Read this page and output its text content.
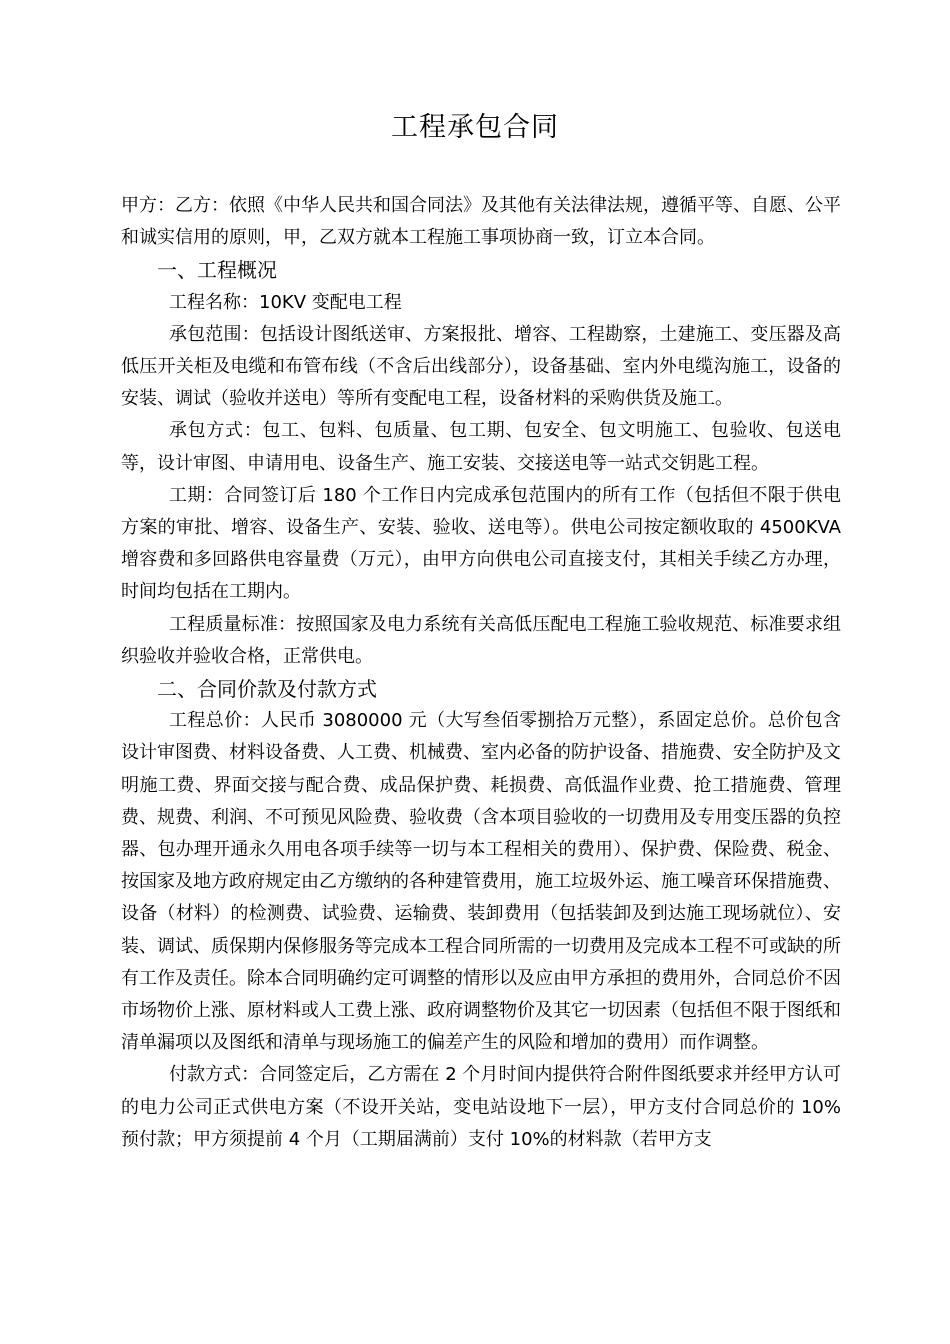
工程承包合同

甲方：乙方：依照《中华人民共和国合同法》及其他有关法律法规，遵循平等、自愿、公平和诚实信用的原则，甲，乙双方就本工程施工事项协商一致，订立本合同。

一、工程概况

工程名称：10KV 变配电工程

承包范围：包括设计图纸送审、方案报批、增容、工程勘察，土建施工、变压器及高低压开关柜及电缆和布管布线（不含后出线部分），设备基础、室内外电缆沟施工，设备的安装、调试（验收并送电）等所有变配电工程，设备材料的采购供货及施工。

承包方式：包工、包料、包质量、包工期、包安全、包文明施工、包验收、包送电等，设计审图、申请用电、设备生产、施工安装、交接送电等一站式交钥匙工程。

工期：合同签订后 180 个工作日内完成承包范围内的所有工作（包括但不限于供电方案的审批、增容、设备生产、安装、验收、送电等）。供电公司按定额收取的 4500KVA 增容费和多回路供电容量费（万元），由甲方向供电公司直接支付，其相关手续乙方办理，时间均包括在工期内。

工程质量标准：按照国家及电力系统有关高低压配电工程施工验收规范、标准要求组织验收并验收合格，正常供电。

二、合同价款及付款方式

工程总价：人民币 3080000 元（大写叁佰零捌拾万元整），系固定总价。总价包含设计审图费、材料设备费、人工费、机械费、室内必备的防护设备、措施费、安全防护及文明施工费、界面交接与配合费、成品保护费、耗损费、高低温作业费、抢工措施费、管理费、规费、利润、不可预见风险费、验收费（含本项目验收的一切费用及专用变压器的负控器、包办理开通永久用电各项手续等一切与本工程相关的费用）、保护费、保险费、税金、按国家及地方政府规定由乙方缴纳的各种建管费用，施工垃圾外运、施工噪音环保措施费、设备（材料）的检测费、试验费、运输费、装卸费用（包括装卸及到达施工现场就位）、安装、调试、质保期内保修服务等完成本工程合同所需的一切费用及完成本工程不可或缺的所有工作及责任。除本合同明确约定可调整的情形以及应由甲方承担的费用外，合同总价不因市场物价上涨、原材料或人工费上涨、政府调整物价及其它一切因素（包括但不限于图纸和清单漏项以及图纸和清单与现场施工的偏差产生的风险和增加的费用）而作调整。

付款方式：合同签定后，乙方需在 2 个月时间内提供符合附件图纸要求并经甲方认可的电力公司正式供电方案（不设开关站，变电站设地下一层），甲方支付合同总价的 10%预付款；甲方须提前 4 个月（工期届满前）支付 10%的材料款（若甲方支
